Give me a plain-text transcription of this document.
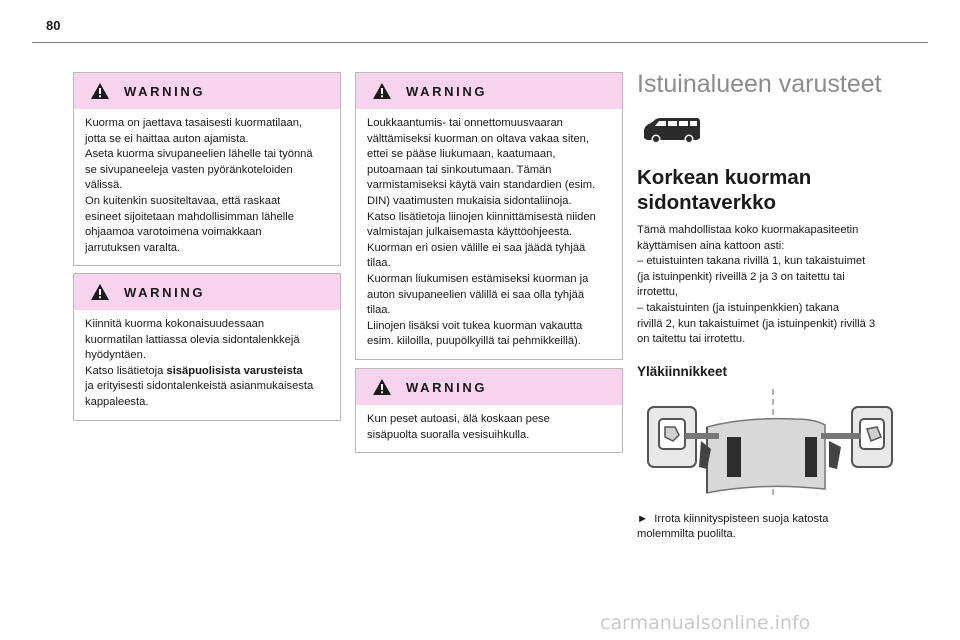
80
WARNING

Kuorma on jaettava tasaisesti kuormatilaan,

jotta se ei haittaa auton ajamista.

Aseta kuorma sivupaneelien lähelle tai työnnä

se sivupaneeleja vasten pyöränkoteloiden

välissä.

On kuitenkin suositeltavaa, että raskaat

esineet sijoitetaan mahdollisimman lähelle

ohjaamoa varotoimena voimakkaan

jarrutuksen varalta.

WARNING

Kiinnitä kuorma kokonaisuudessaan

kuormatilan lattiassa olevia sidontalenkkejä

hyödyntäen.

Katso lisätietoja sisäpuolisista varusteista

ja erityisesti sidontalenkeistä asianmukaisesta

kappaleesta.

WARNING

Loukkaantumis- tai onnettomuusvaaran

välttämiseksi kuorman on oltava vakaa siten,

ettei se pääse liukumaan, kaatumaan,

putoamaan tai sinkoutumaan. Tämän

varmistamiseksi käytä vain standardien (esim.

DIN) vaatimusten mukaisia sidontaliinoja.

Katso lisätietoja liinojen kiinnittämisestä niiden

valmistajan julkaisemasta käyttöohjeesta.

Kuorman eri osien välille ei saa jäädä tyhjää

tilaa.

Kuorman liukumisen estämiseksi kuorman ja

auton sivupaneelien välillä ei saa olla tyhjää

tilaa.

Liinojen lisäksi voit tukea kuorman vakautta

esim. kiiloilla, puupölkyillä tai pehmikkeillä).

WARNING

Kun peset autoasi, älä koskaan pese

sisäpuolta suoralla vesisuihkulla.

Istuinalueen varusteet
Korkean kuorman
sidontaverkko

Tämä mahdollistaa koko kuormakapasiteetin

käyttämisen aina kattoon asti:

– etuistuinten takana rivillä 1, kun takaistuimet

(ja istuinpenkit) riveillä 2 ja 3 on taitettu tai

irrotettu,

– takaistuinten (ja istuinpenkkien) takana

rivillä 2, kun takaistuimet (ja istuinpenkit) rivillä 3

on taitettu tai irrotettu.

Yläkiinnikkeet
► Irrota kiinnityspisteen suoja katosta
molemmilta puolilta.
carmanualsonline.info
